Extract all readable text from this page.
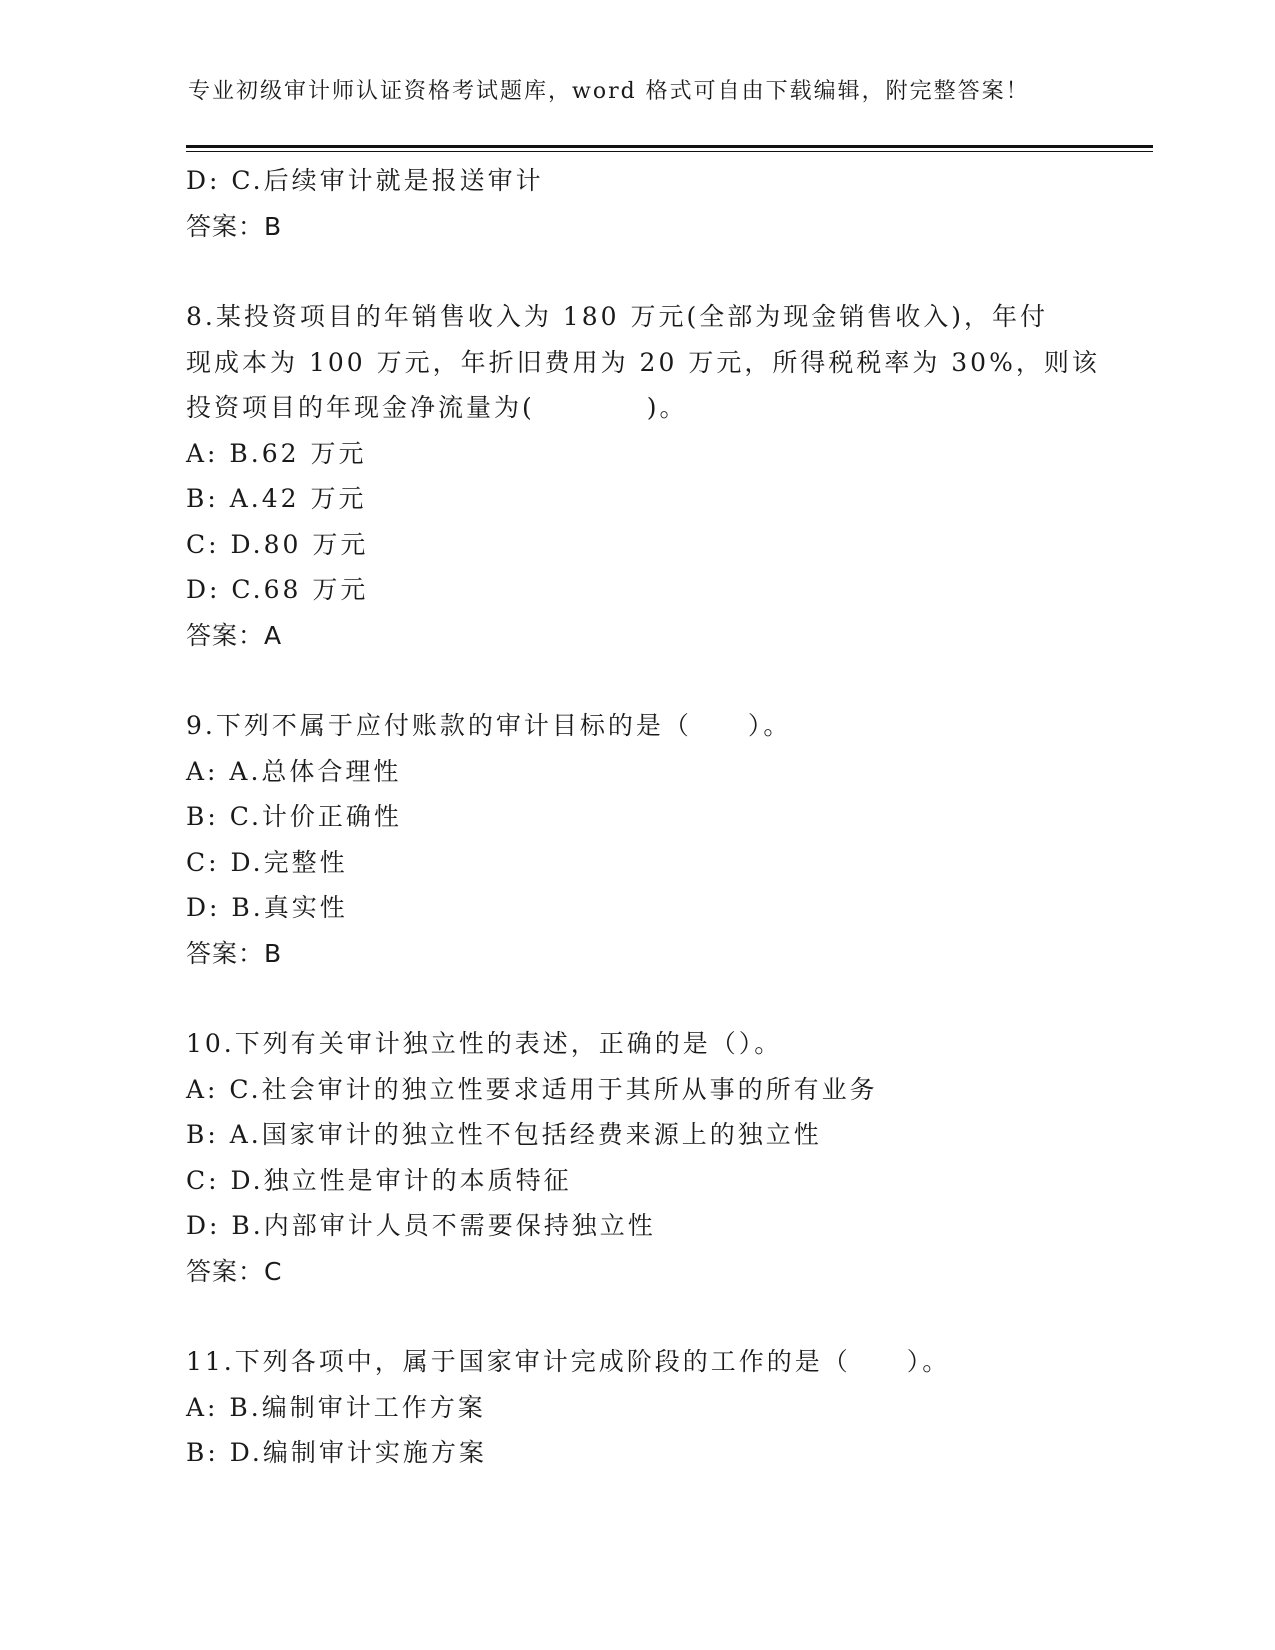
专业初级审计师认证资格考试题库，word 格式可自由下载编辑，附完整答案！
D: C.后续审计就是报送审计
答案：B
8.某投资项目的年销售收入为 180 万元(全部为现金销售收入)，年付
现成本为 100 万元，年折旧费用为 20 万元，所得税税率为 30%，则该
投资项目的年现金净流量为(　　　　)。
A: B.62 万元
B: A.42 万元
C: D.80 万元
D: C.68 万元
答案：A
9.下列不属于应付账款的审计目标的是（　　）。
A: A.总体合理性
B: C.计价正确性
C: D.完整性
D: B.真实性
答案：B
10.下列有关审计独立性的表述，正确的是（）。
A: C.社会审计的独立性要求适用于其所从事的所有业务
B: A.国家审计的独立性不包括经费来源上的独立性
C: D.独立性是审计的本质特征
D: B.内部审计人员不需要保持独立性
答案：C
11.下列各项中，属于国家审计完成阶段的工作的是（　　）。
A: B.编制审计工作方案
B: D.编制审计实施方案
